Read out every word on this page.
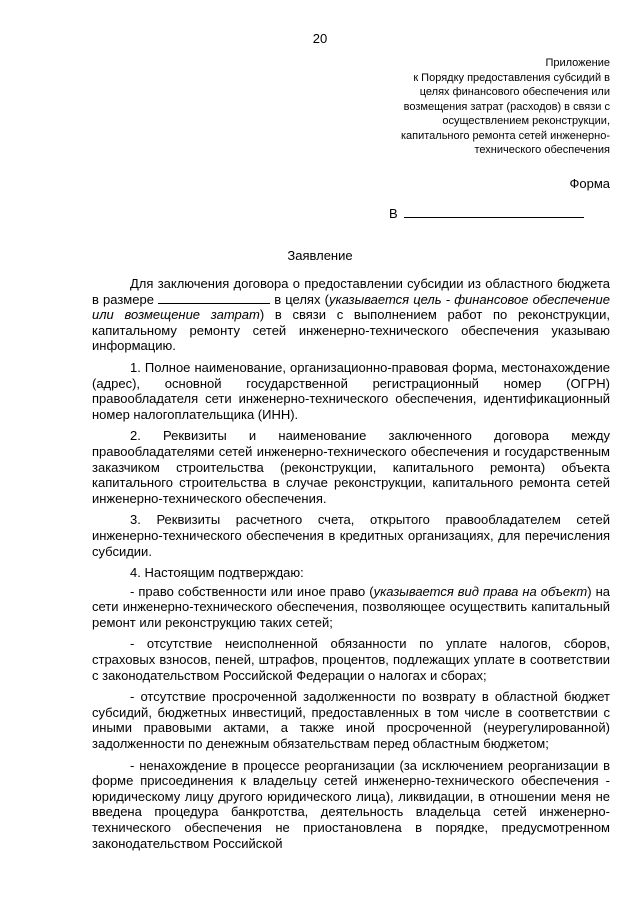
20
Приложение
к Порядку предоставления субсидий в
целях финансового обеспечения или
возмещения затрат (расходов) в связи с
осуществлением реконструкции,
капитального ремонта сетей инженерно-
технического обеспечения
Форма
В
Заявление

Для заключения договора о предоставлении субсидии из областного бюджета в размере	в целях (указывается цель - финансовое обеспечение или возмещение затрат) в связи с выполнением работ по реконструкции, капитальному ремонту сетей инженерно-технического обеспечения указываю информацию.

1. Полное наименование, организационно-правовая форма, местонахождение (адрес), основной государственной регистрационный номер (ОГРН) правообладателя сети инженерно-технического обеспечения, идентификационный номер налогоплательщика (ИНН).

2. Реквизиты и наименование заключенного договора между правообладателями сетей инженерно-технического обеспечения и государственным заказчиком строительства (реконструкции, капитального ремонта) объекта капитального строительства в случае реконструкции, капитального ремонта сетей инженерно-технического обеспечения.

3. Реквизиты расчетного счета, открытого правообладателем сетей инженерно-технического обеспечения в кредитных организациях, для перечисления субсидии.

4. Настоящим подтверждаю:

- право собственности или иное право (указывается вид права на объект) на сети инженерно-технического обеспечения, позволяющее осуществить капитальный ремонт или реконструкцию таких сетей;

- отсутствие неисполненной обязанности по уплате налогов, сборов, страховых взносов, пеней, штрафов, процентов, подлежащих уплате в соответствии с законодательством Российской Федерации о налогах и сборах;

- отсутствие просроченной задолженности по возврату в областной бюджет субсидий, бюджетных инвестиций, предоставленных в том числе в соответствии с иными правовыми актами, а также иной просроченной (неурегулированной) задолженности по денежным обязательствам перед областным бюджетом;

- ненахождение в процессе реорганизации (за исключением реорганизации в форме присоединения к владельцу сетей инженерно-технического обеспечения - юридическому лицу другого юридического лица), ликвидации, в отношении меня не введена процедура банкротства, деятельность владельца сетей инженерно-технического обеспечения не приостановлена в порядке, предусмотренном законодательством Российской
